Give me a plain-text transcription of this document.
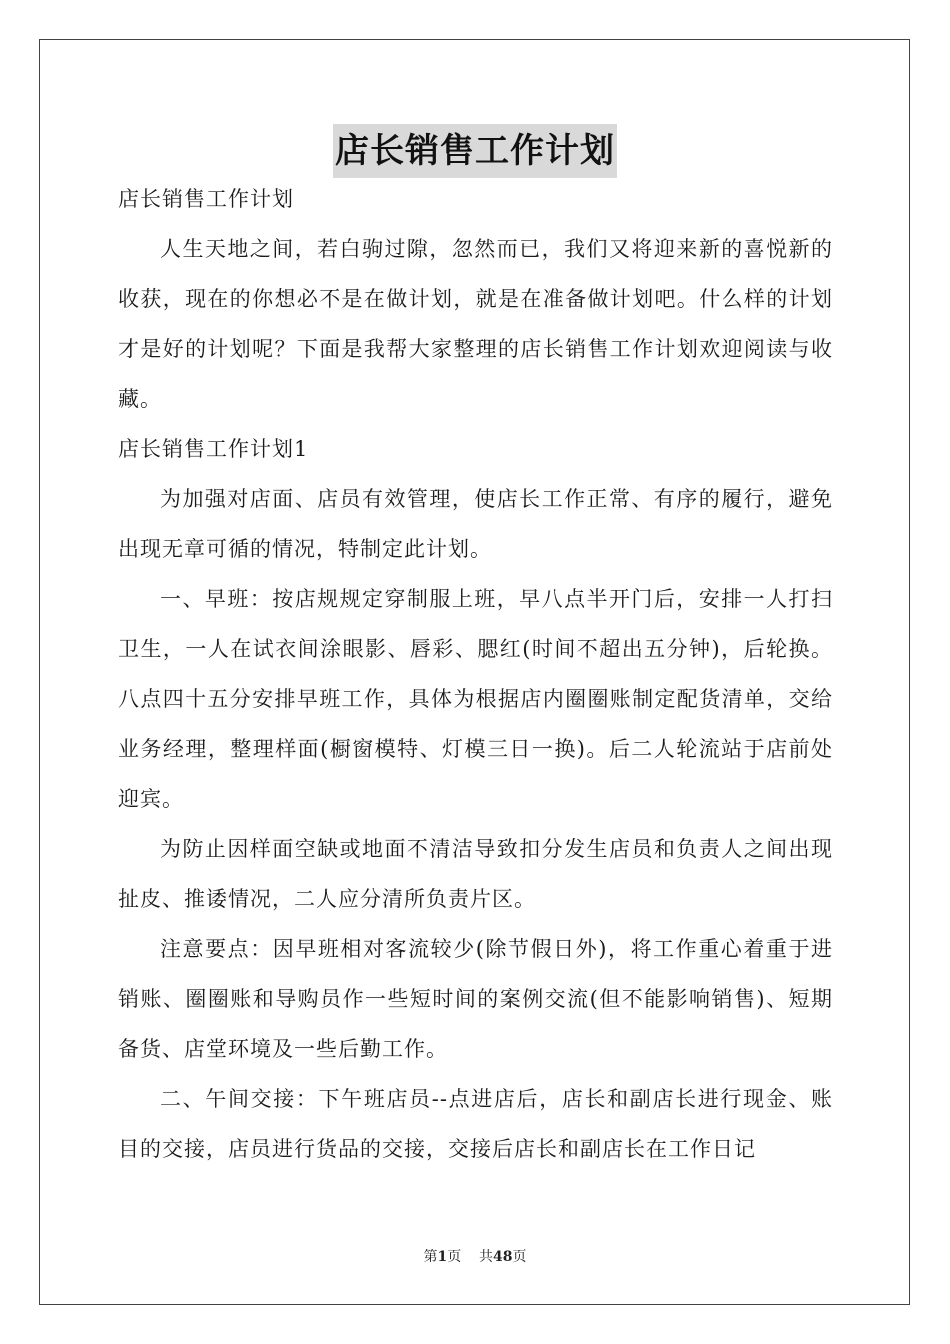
店长销售工作计划

店长销售工作计划

人生天地之间，若白驹过隙，忽然而已，我们又将迎来新的喜悦新的收获，现在的你想必不是在做计划，就是在准备做计划吧。什么样的计划才是好的计划呢？下面是我帮大家整理的店长销售工作计划欢迎阅读与收藏。

店长销售工作计划1

为加强对店面、店员有效管理，使店长工作正常、有序的履行，避免出现无章可循的情况，特制定此计划。

一、早班：按店规规定穿制服上班，早八点半开门后，安排一人打扫卫生，一人在试衣间涂眼影、唇彩、腮红(时间不超出五分钟)，后轮换。八点四十五分安排早班工作，具体为根据店内圈圈账制定配货清单，交给业务经理，整理样面(橱窗模特、灯模三日一换)。后二人轮流站于店前处迎宾。

为防止因样面空缺或地面不清洁导致扣分发生店员和负责人之间出现扯皮、推诿情况，二人应分清所负责片区。

注意要点：因早班相对客流较少(除节假日外)，将工作重心着重于进销账、圈圈账和导购员作一些短时间的案例交流(但不能影响销售)、短期备货、店堂环境及一些后勤工作。

二、午间交接：下午班店员--点进店后，店长和副店长进行现金、账目的交接，店员进行货品的交接，交接后店长和副店长在工作日记

第1页 共48页
